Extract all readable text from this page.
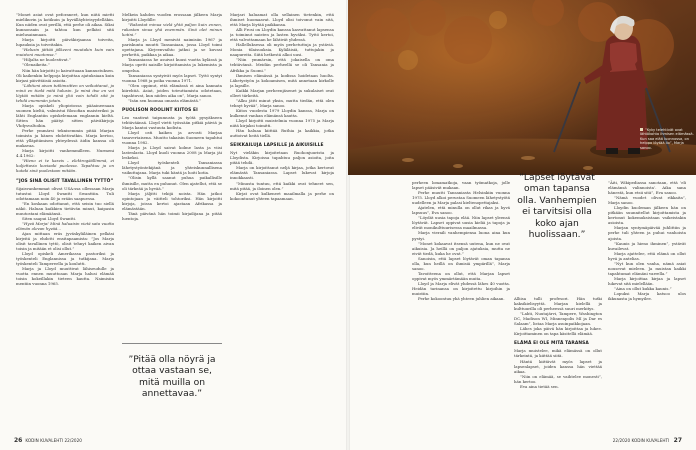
”Monet asiat ovat peforaneet, kun niitä mietti mielikuvin ja kotikuin ja hyvälläyhteisyydelläkin. Kun niiden ovat perillä, että perhe oli aikaa. Siksi kunnonsain ja tahtoa kun pelkäsi sitä mielusainmaan.

Marja kirjoitti päiväkirjaansa toiveita, lupauksia ja toiveitakin.

”Halusin jättää jälkeeni muutakin kuin vain muistoni muotonsa.”

”Hiljalta ne huolestivat.”

”Olenaikeita.”

Niin hän kirjoitti jo kaivattuaan kannustuksen. Oli kaikenkin helppoja kirjoittaa ajatuksiaan kuin kirjasi päivittäisiä asioita.

”Lähtieni aivan tutkimsitten on vaikuttanut, ja minä en tiedä mitä halusin. Ja minä itse en voi löytää mitään ja minä yhä voin tehdä sitä ja tehdä enemmän jotain.

Marja opiskeli yliopistossa pääaineenaan suomen kieltä, valmistui filosofian maisteriksi ja lähti Englantiin opiskelemaan englannin kieltä. Sitten hän päätyi sitten päiväkirjoja Vhdysvaltoihin.

Perhe ymmärsi teknisemmin pitää Marjan toimista ja hänen ehdottivatkin. Marja kertoo, että ylläpitämisen yhteydessä äidin kanssa oli mukavaa.

Marja kirjoitti vanhemmilleen. Nurmeni 4.4.1962:

”Hieno ei te kasvis – elektrogäällimmä, ei kuljettavia kuviaaki puolessa. Tapahtuu ja on kutaki sinä puolestaan mitään.

”JOS SINÄ OLISIT TAVALLINEN TYTTÖ”

Sijaisvanhemmat olivat USA:ssa ollessaan Marja tutustui Lloyd Swantti Swanttiin. Tuli odottamaan noin 40 ja erään saapuessa.

”En koskaan odottanut, että seisin tuo siellä näkö. Haluan kaikkien tietävän minut, kaipasin muutostani elämäänsä.

Siten saapui Lloyd Swantti.

”Hyvä Marja! Minä haluaisin vietä sata vuotta elämän olevan hyvää...

Ajan mittaan eräs jyväskyläläinen pelkäsi kirjeitä ja ehdotti ensitapaamista: ”Jos Marja olisit tavallinen tyttö, olisit tehnyt kaiken aivan toisin ja mitään et olisi ollut.”

Lloyd opiskeli Amerikassa pastoriksi ja työskenteli Englannissa ja tutkijana. Marja työskenteli Tampereella ja koulutti.

Marja ja Lloyd muuttivat lähiseudulle ja vuotta ennen muuttoaan Marja halusi elämää toisin kokeillakin tieteen kautta. Naimisiin mentiin vuonna 1965.

Melkein kahden vuoden erossaan jälkeen Marja kirjoitti Lloydille:

”Rakastat minua vielä yhtä paljon kuin ennen, rakastan sinua yhä enemmän. Sinä olet minun kotini.”

Marja ja Lloyd menivät naimisiin 1967 ja pariskunta muutti Tansaniaan, jossa Lloyd toimi opettajana. Kirjeenvaihto jatkui ja se kuvasi perhettä, paikkaa ja aikaa.

Tansaniassa he asuivat kuusi vuotta kylässä ja Marja opetti naisille kirjoittamista ja lukemista ja ompelua.

Tansaniassa syntyivät myös lapset. Tyttö syntyi vuonna 1968 ja poika vuonna 1971.

”Olen oppinut, että elämässä ei aina kannata kiirehtiä. Asiat, joiden toteuttamista odotetaan, tapahtuvat, kun niiden aika on”, Marja sanoo.

”Isän sen huomaa omasta elämästä.”

PUOLISON ROOLINT KIITOS EI

Leo vaativat taipumusta ja työtä pysyäkseen tehtäväänsä. Lloyd vietti työssään pitkiä päiviä ja Marja kantoi vastuuta kodista.

Lloyd osti kaiken ja arvosti Marjaa tasavertaisena. Muutto takaisin Suomeen tapahtui vuonna 1982.

Marja ja Lloyd saivat kolme lasta ja viisi lastenlasta. Lloyd kuoli vuonna 2008 ja Marja jäi leskeksi.

Lloyd työskenteli Tansaniassa lähetystyöntekijänä ja yhteiskunnallisena vaikuttajana. Marja tuki häntä ja hoiti kotia.

”Olisin kyllä saanut puhua paikallisille ihmisille, mutta en puhunut. Olen ajatellut, että se oli tärkeää ja hyvää.”

Marja jäljitti tekijä noista. Hän jatkoi opintojaan ja väitteli tohtoriksi. Hän kirjoitti kirjoja, joissa kertoi ajastaan Afrikassa ja elämästään.

Tänä päivänä hän toimii kirjailijana ja pitää luentoja.

Marjari haluamat olla sellainen tietenkin, että ihmiset huomaavat. Lloyd olisi toivonut vain sitä, että Marja löytää paikkansa.

Alli Frosi on Lloydin kanssa kasvattanut lapsensa ja toiminut naisten ja lasten hyväksi. Tyttö kertoi, että valvottamaan he lähtivät yhdessä.

Hallelluksessa oli myös perhetuttuja ja ystäviä. Monia tilaisuuksia. Kyläläisiä, tuttujakin ja naapureita. Siitä hetkestä alkoi uusi.

”Niin ymmärsin, että jokaisella on oma tehtävänsä. Meidän perheellä se oli Tansania ja Afrikka ja Suomi.”

Ihmisen elämässä ja kodissa hoidetaan huolta. Lähetystyön ja kokoamisen, mitä annetaan kirkolle ja lapsille.

Kaikki Marjan perheenjäsenet ja sukulaiset ovat olleet tärkeitä.

”Alku jätti minut yksin, mutta tiedän, että olen tehnyt hyvää”, Marja sanoo.

Kiitos vuodesta 1979 Lloydin kanssa, Marja on kulkenut vanhan elämänsä kautta.

Lloyd kirjoitti muistelmia vuonna 1975 ja Marja niitä kirjaksi toimitti.

Hän haluaa kiittää Ruthia ja kaikkia, jotka auttoivat heitä tiellä.

SEIKKAILUJA LAPSILLE JA AIKUISILLE

Nyt vieläkin kirjoitetaan Ruohonjuurista ja Lloydista. Kirjoissa tapahtuu paljon asioita, joita pitää tehdä.

Marja on kirjoittanut neljä kirjaa, jotka kertovat elämästä Tansaniassa. Lapset lukevat kirjoja innokkaasti.

”Minusta tuntuu, että kaikki ovat tehneet sen, mitä pitää, ja iloinen olen.”

Kirjat ovat kulkeneet maailmalla ja perhe on kokoontunut yhteen tapaamaan.

”Pitää olla nöyrä ja ottaa vastaan se, mitä muilla on annettavaa.”
26 KODIN KUVALEHTI 22/2020	22/2020 KODIN KUVALEHTI 27
”Kyky telehtivät ovat lähtökohta ihmisen elämässä. Kun saa elää luonnossa, on helppo löytää ilo”, Marja sanoo.

perheen lomamatkoja, vaan työmatkoja, jolle lapset pääsivät mukaan.

Perhe muutti Tansaniasta Helsinkiin vuonna 1975. Lloyd alkoi perustaa Suomeen lähetystyötä uudelleen ja Marja palasi kieltenopettajaksi.

Ajatelen, että minulla on ollut rikas ja hyvä lapsuus”, Eva sanoo.

”Löydät uusia tapoja elää. Niin lapset yleensä löytävät. Lapset oppivat uusia kieliä ja tapoja ja elivät monikulttuurisessa maailmassa.

Marja vieraili vanhempiensa luona aina kun pystyi.

”Monet kokaavat itsensä uutena, kun ne ovat aikuisia. Ja heillä on paljon ajatuksia, mutta ne eivät tiedä, kuka he ovat.”

Sanoisin, että lapset löytävät oman tapansa olla, kun heillä on ihmisiä ympärillä”, Marja sanoo.

Tavoitteena on ollut, että Marjan lapset oppivat myös ymmärtämään muita.

Lloyd ja Marja elivät yhdessä lähes 40 vuotta. Heidän tarinansa on kirjoitettu kirjoihin ja muistiin.

Perhe kokoontuu yhä yhteen juhlien aikaan.

”Lapset löytävät oman tapansa olla. Vanhempien ei tarvitsisi olla koko ajan huolissaan.”

Alliisa tulli profesori. Hän tutki kaksikielisyyttä. Marjan kielellä ja kulttuurilla oli perheessä suuri merkitys.

”Lahti, Nuutajärvi, Tampere, Washington DC, Madison WI, Minneapolis MI ja Dar es Salaam”, listaa Marja asuinpaikkojaan.

Lähes joka päivä hän kirjoittaa ja lukee. Kirjoittaminen on tapa käsitellä elämää.

ELÄMÄ EI OLE MITÄ TARANSA

Marja muistelee, mikä elämässä on ollut tärkeintä, ja kiittää siitä.

Häntä kiittävät myös lapset ja lapsenlapset, joiden kanssa hän viettää aikaa.

”Niin on elämää, se vaihtelee monesti”, hän kertoo.

Eva aina tietää sen.

”Äiti, Wikipediassa sanotaan, että ’eli elämänsä valinnoista’. Aika sana hänestä, kun etsii sitä”, Eva sanoo.

”Nämä vuodet olivat rikkaita”, Marja sanoo.

Lloydin kuoleman jälkeen hän on pitkään suunnitellut kirjoittamista ja kertonut kokemuksistaan vaikeistakin asioista.

Marjan syntymäpäivää juhlittiin ja perhe tuli yhteen ja puhui vanhoista ajoista.

”Kaunis ja hieno ihminen”, ystävät kuvailevat.

Marja ajattelee, että elämä on ollut hyvä ja antelias.

”Nyt kun olen vanha, nämä asiat nousevat mieleen. Ja muistan kaikki tapahtumat elämäni varrella.”

Marja kirjoittaa kirjaa ja lapset lukevat sitä mielellään.

”Aina on ollut kukka kaunis.”

Lopuksi Marja katsoo ulos ikkunasta ja hymyilee.
